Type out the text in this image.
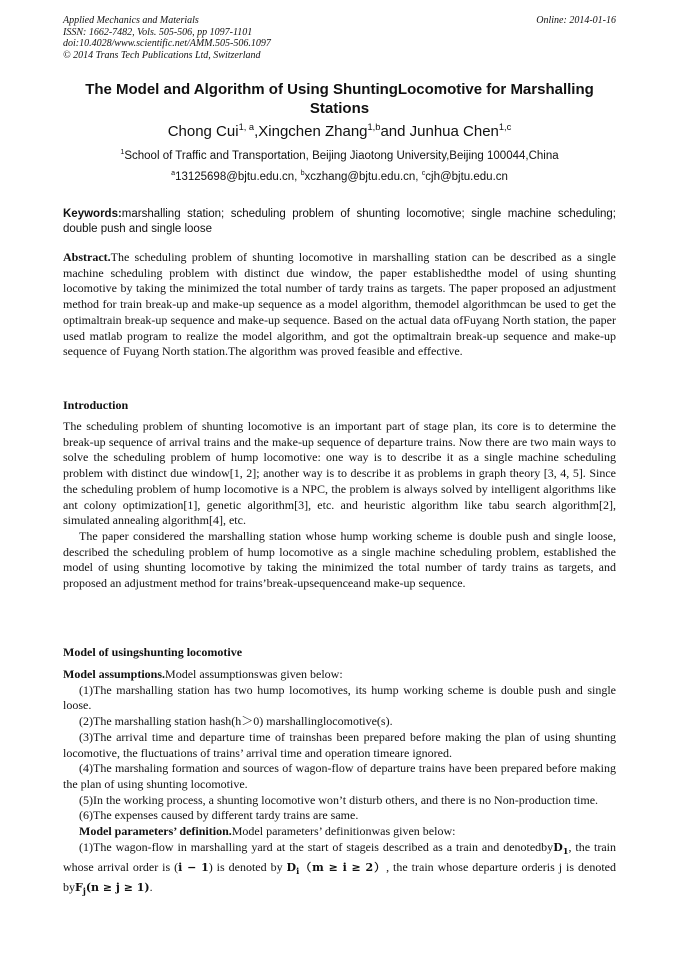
Applied Mechanics and Materials
ISSN: 1662-7482, Vols. 505-506, pp 1097-1101
doi:10.4028/www.scientific.net/AMM.505-506.1097
© 2014 Trans Tech Publications Ltd, Switzerland
Online: 2014-01-16
The Model and Algorithm of Using ShuntingLocomotive for Marshalling Stations
Chong Cui$^{1, a}$,Xingchen Zhang$^{1,b}$and Junhua Chen$^{1,c}$
$^1$School of Traffic and Transportation, Beijing Jiaotong University,Beijing 100044,China
$^a$13125698@bjtu.edu.cn, $^b$xczhang@bjtu.edu.cn, $^c$cjh@bjtu.edu.cn
Keywords:marshalling station; scheduling problem of shunting locomotive; single machine scheduling; double push and single loose
Abstract.The scheduling problem of shunting locomotive in marshalling station can be described as a single machine scheduling problem with distinct due window, the paper establishedthe model of using shunting locomotive by taking the minimized the total number of tardy trains as targets. The paper proposed an adjustment method for train break-up and make-up sequence as a model algorithm, themodel algorithmcan be used to get the optimaltrain break-up sequence and make-up sequence. Based on the actual data ofFuyang North station, the paper used matlab program to realize the model algorithm, and got the optimaltrain break-up sequence and make-up sequence of Fuyang North station.The algorithm was proved feasible and effective.
Introduction

The scheduling problem of shunting locomotive is an important part of stage plan, its core is to determine the break-up sequence of arrival trains and the make-up sequence of departure trains. Now there are two main ways to solve the scheduling problem of hump locomotive: one way is to describe it as a single machine scheduling problem with distinct due window[1, 2]; another way is to describe it as problems in graph theory [3, 4, 5]. Since the scheduling problem of hump locomotive is a NPC, the problem is always solved by intelligent algorithms like ant colony optimization[1], genetic algorithm[3], etc. and heuristic algorithm like tabu search algorithm[2], simulated annealing algorithm[4], etc.

The paper considered the marshalling station whose hump working scheme is double push and single loose, described the scheduling problem of hump locomotive as a single machine scheduling problem, established the model of using shunting locomotive by taking the minimized the total number of tardy trains as targets, and proposed an adjustment method for trains’break-upsequenceand make-up sequence.

Model of usingshunting locomotive

Model assumptions.Model assumptionswas given below:

(1)The marshalling station has two hump locomotives, its hump working scheme is double push and single loose.

(2)The marshalling station hash(h＞0) marshallinglocomotive(s).

(3)The arrival time and departure time of trainshas been prepared before making the plan of using shunting locomotive, the fluctuations of trains’ arrival time and operation timeare ignored.

(4)The marshaling formation and sources of wagon-flow of departure trains have been prepared before making the plan of using shunting locomotive.

(5)In the working process, a shunting locomotive won’t disturb others, and there is no Non-production time.

(6)The expenses caused by different tardy trains are same.

Model parameters’ definition.Model parameters’ definitionwas given below:

(1)The wagon-flow in marshalling yard at the start of stageis described as a train and denotedbyD$_1$, the train whose arrival order is (i − 1) is denoted by $D_i(m \ge i \ge 2)$, the train whose departure orderis j is denoted byF$_j$(n ≥ j ≥ 1).
